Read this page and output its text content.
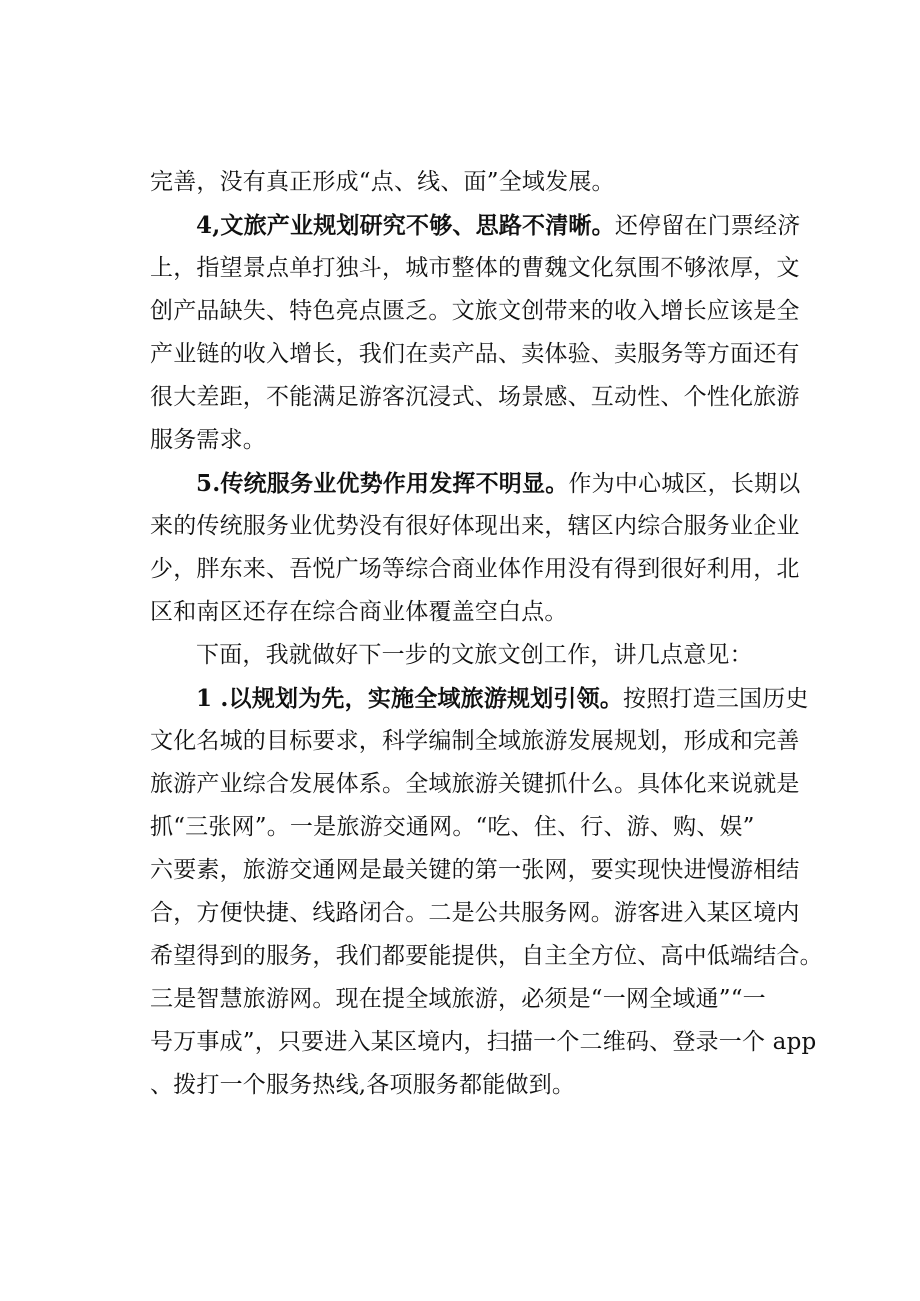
完善，没有真正形成“点、线、面”全域发展。
4,文旅产业规划研究不够、思路不清晰。还停留在门票经济
上，指望景点单打独斗，城市整体的曹魏文化氛围不够浓厚，文
创产品缺失、特色亮点匮乏。文旅文创带来的收入增长应该是全
产业链的收入增长，我们在卖产品、卖体验、卖服务等方面还有
很大差距，不能满足游客沉浸式、场景感、互动性、个性化旅游
服务需求。
5.传统服务业优势作用发挥不明显。作为中心城区，长期以
来的传统服务业优势没有很好体现出来，辖区内综合服务业企业
少，胖东来、吾悦广场等综合商业体作用没有得到很好利用，北
区和南区还存在综合商业体覆盖空白点。
下面，我就做好下一步的文旅文创工作，讲几点意见：
1 .以规划为先，实施全域旅游规划引领。按照打造三国历史
文化名城的目标要求，科学编制全域旅游发展规划，形成和完善
旅游产业综合发展体系。全域旅游关键抓什么。具体化来说就是
抓“三张网”。一是旅游交通网。“吃、住、行、游、购、娱”
六要素，旅游交通网是最关键的第一张网，要实现快进慢游相结
合，方便快捷、线路闭合。二是公共服务网。游客进入某区境内
希望得到的服务，我们都要能提供，自主全方位、高中低端结合。
三是智慧旅游网。现在提全域旅游，必须是“一网全域通”“一
号万事成”，只要进入某区境内，扫描一个二维码、登录一个 app
、拨打一个服务热线,各项服务都能做到。
